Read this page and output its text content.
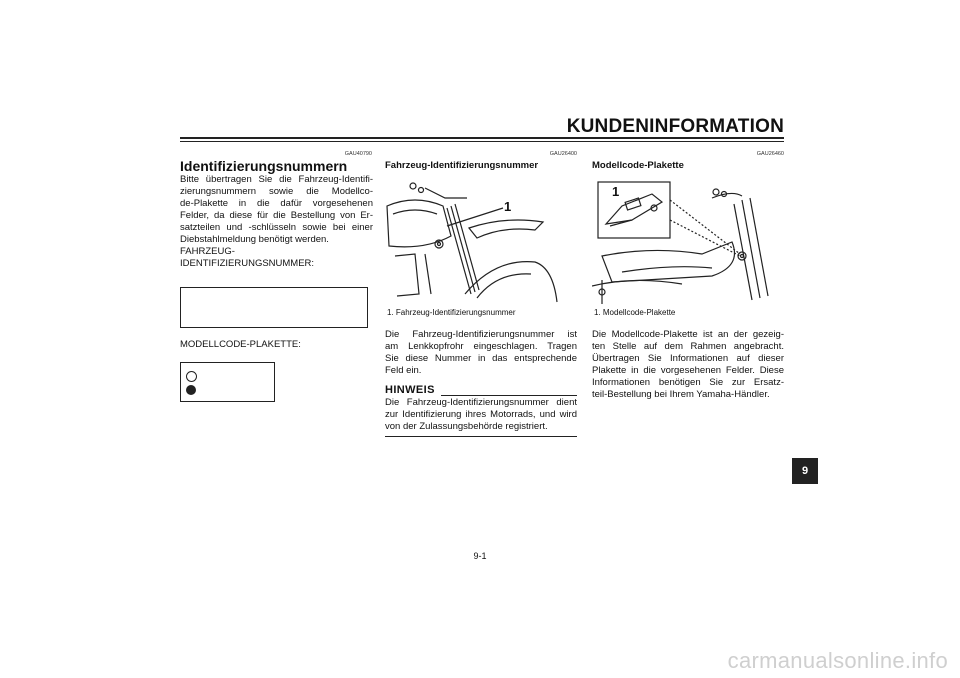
KUNDENINFORMATION
GAU40790
Identifizierungsnummern
Bitte übertragen Sie die Fahrzeug-Identifi-
zierungsnummern sowie die Modellco-
de-Plakette in die dafür vorgesehenen
Felder, da diese für die Bestellung von Er-
satzteilen und -schlüsseln sowie bei einer
Diebstahlmeldung benötigt werden.
FAHRZEUG-
IDENTIFIZIERUNGSNUMMER:
MODELLCODE-PLAKETTE:
GAU26400
Fahrzeug-Identifizierungsnummer
1
1. Fahrzeug-Identifizierungsnummer
Die Fahrzeug-Identifizierungsnummer ist
am Lenkkopfrohr eingeschlagen. Tragen
Sie diese Nummer in das entsprechende
Feld ein.
HINWEIS
Die Fahrzeug-Identifizierungsnummer dient
zur Identifizierung ihres Motorrads, und wird
von der Zulassungsbehörde registriert.
GAU26460
Modellcode-Plakette
1
1. Modellcode-Plakette
Die Modellcode-Plakette ist an der gezeig-
ten Stelle auf dem Rahmen angebracht.
Übertragen Sie Informationen auf dieser
Plakette in die vorgesehenen Felder. Diese
Informationen benötigen Sie zur Ersatz-
teil-Bestellung bei Ihrem Yamaha-Händler.
9
9-1
carmanualsonline.info
